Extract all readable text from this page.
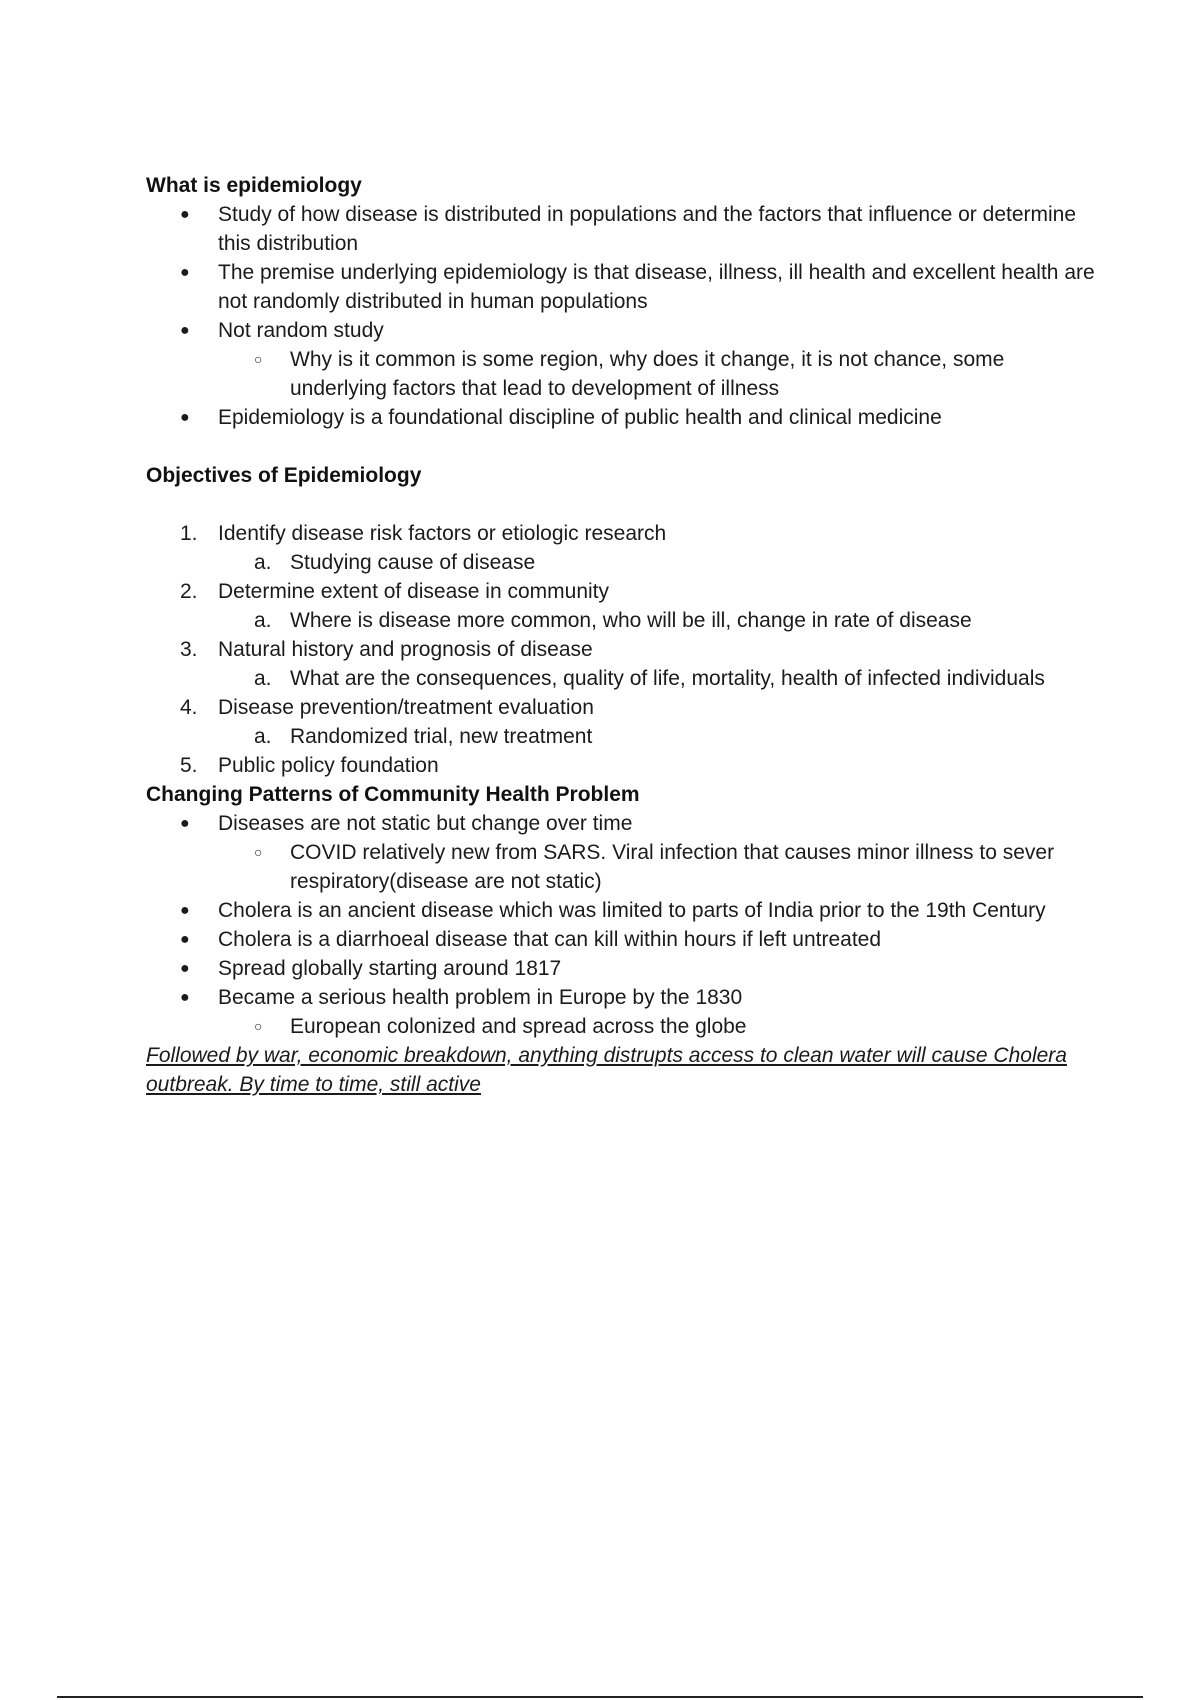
What is epidemiology

● Study of how disease is distributed in populations and the factors that influence or determine this distribution
● The premise underlying epidemiology is that disease, illness, ill health and excellent health are not randomly distributed in human populations
● Not random study
○ Why is it common is some region, why does it change, it is not chance, some underlying factors that lead to development of illness
● Epidemiology is a foundational discipline of public health and clinical medicine

Objectives of Epidemiology

1. Identify disease risk factors or etiologic research
a. Studying cause of disease
2. Determine extent of disease in community
a. Where is disease more common, who will be ill, change in rate of disease
3. Natural history and prognosis of disease
a. What are the consequences, quality of life, mortality, health of infected individuals
4. Disease prevention/treatment evaluation
a. Randomized trial, new treatment
5. Public policy foundation

Changing Patterns of Community Health Problem

● Diseases are not static but change over time
○ COVID relatively new from SARS. Viral infection that causes minor illness to sever respiratory(disease are not static)
● Cholera is an ancient disease which was limited to parts of India prior to the 19th Century
● Cholera is a diarrhoeal disease that can kill within hours if left untreated
● Spread globally starting around 1817
● Became a serious health problem in Europe by the 1830
○ European colonized and spread across the globe

Followed by war, economic breakdown, anything distrupts access to clean water will cause Cholera outbreak. By time to time, still active
